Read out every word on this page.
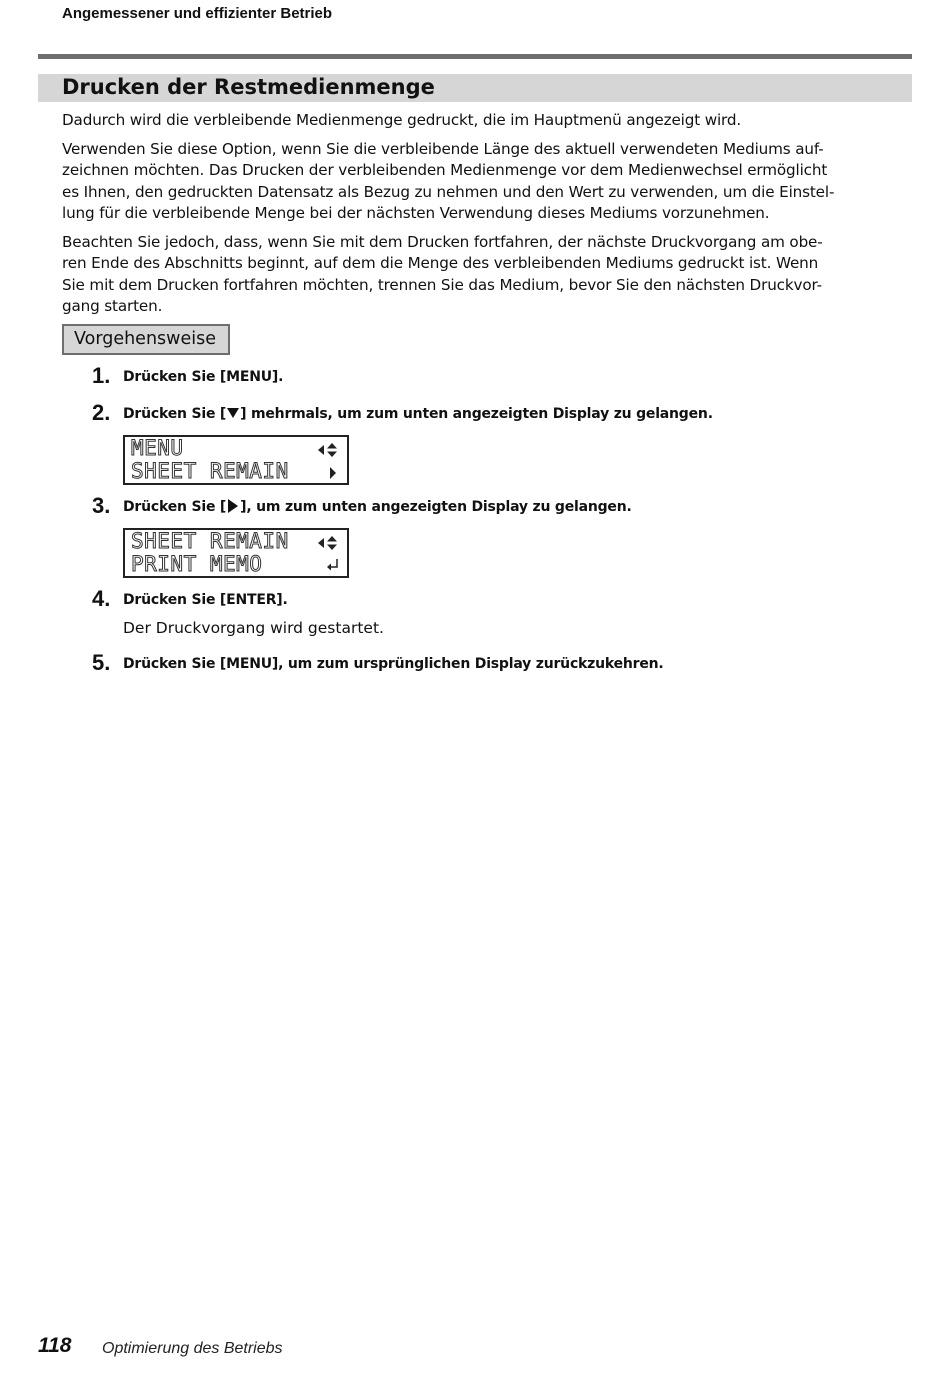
Angemessener und effizienter Betrieb
Drucken der Restmedienmenge
Dadurch wird die verbleibende Medienmenge gedruckt, die im Hauptmenü angezeigt wird.
Verwenden Sie diese Option, wenn Sie die verbleibende Länge des aktuell verwendeten Mediums auf-
zeichnen möchten. Das Drucken der verbleibenden Medienmenge vor dem Medienwechsel ermöglicht
es Ihnen, den gedruckten Datensatz als Bezug zu nehmen und den Wert zu verwenden, um die Einstel-
lung für die verbleibende Menge bei der nächsten Verwendung dieses Mediums vorzunehmen.
Beachten Sie jedoch, dass, wenn Sie mit dem Drucken fortfahren, der nächste Druckvorgang am obe-
ren Ende des Abschnitts beginnt, auf dem die Menge des verbleibenden Mediums gedruckt ist. Wenn
Sie mit dem Drucken fortfahren möchten, trennen Sie das Medium, bevor Sie den nächsten Druckvor-
gang starten.
Vorgehensweise
1. Drücken Sie [MENU].
2. Drücken Sie [ ] mehrmals, um zum unten angezeigten Display zu gelangen.
MENU
SHEET REMAIN
3. Drücken Sie [ ], um zum unten angezeigten Display zu gelangen.
SHEET REMAIN
PRINT MEMO
4. Drücken Sie [ENTER].
Der Druckvorgang wird gestartet.
5. Drücken Sie [MENU], um zum ursprünglichen Display zurückzukehren.
118 Optimierung des Betriebs
